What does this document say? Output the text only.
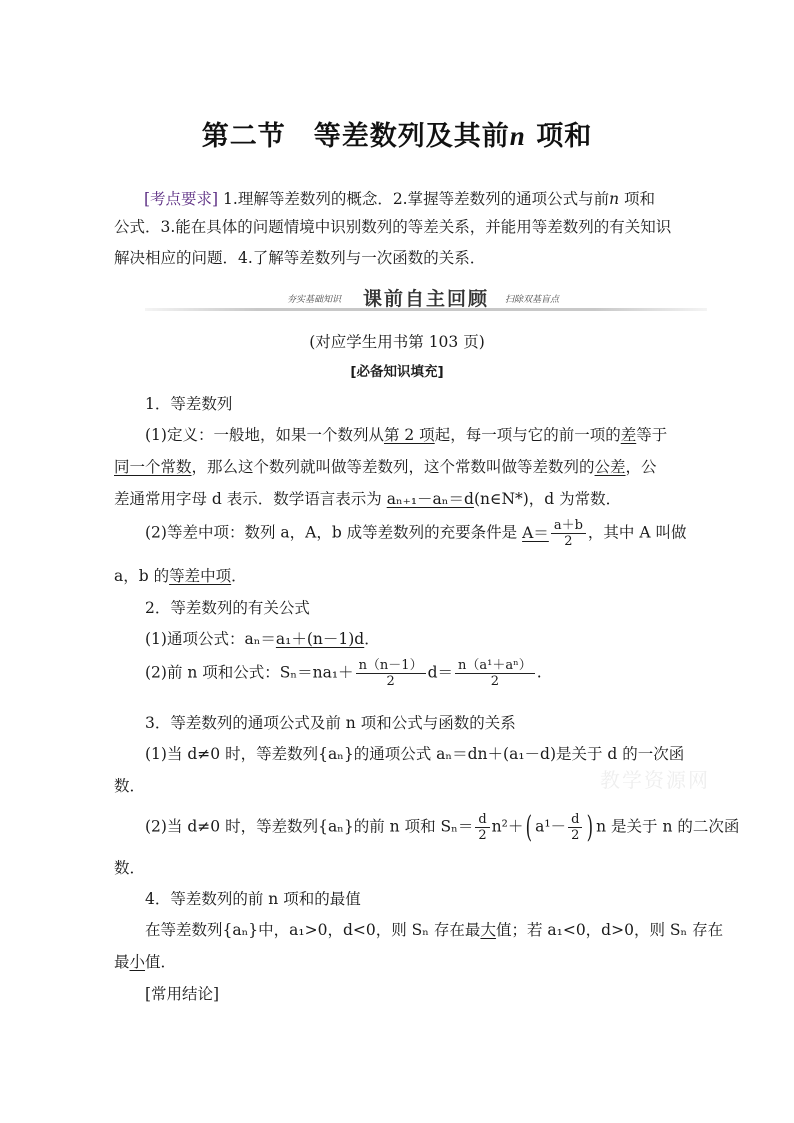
第二节 等差数列及其前n 项和
[考点要求] 1.理解等差数列的概念．2.掌握等差数列的通项公式与前n 项和
公式．3.能在具体的问题情境中识别数列的等差关系，并能用等差数列的有关知识
解决相应的问题．4.了解等差数列与一次函数的关系．
夯实基础知识	课前自主回顾	扫除双基盲点
(对应学生用书第 103 页)
[必备知识填充]
1．等差数列
(1)定义：一般地，如果一个数列从第 2 项起，每一项与它的前一项的差等于
同一个常数，那么这个数列就叫做等差数列，这个常数叫做等差数列的公差，公
差通常用字母 d 表示．数学语言表示为 aₙ₊₁－aₙ＝d(n∈N*)，d 为常数．
(2)等差中项：数列 a，A，b 成等差数列的充要条件是 $A= \frac{a+b}{2}$ ，其中 A 叫做
a，b 的等差中项．
2．等差数列的有关公式
(1)通项公式：aₙ＝a₁＋(n－1)d．
(2)前 n 项和公式：$S_n=na_1+ \frac{n(n-1)}{2} d= \frac{\text{n（a¹＋aⁿ）}}{2}$ .
3．等差数列的通项公式及前 n 项和公式与函数的关系
(1)当 d≠0 时，等差数列{aₙ}的通项公式 aₙ＝dn＋(a₁－d)是关于 d 的一次函
数．
(2)当 d≠0 时，等差数列{aₙ}的前 n 项和 $S_n= \frac{d}{2} n^2+$( $a^1- \frac{d}{2}$ ) n 是关于 n 的二次函
数．
4．等差数列的前 n 项和的最值
在等差数列{aₙ}中，a₁>0，d<0，则 Sₙ 存在最大值；若 a₁<0，d>0，则 Sₙ 存在
最小值．
[常用结论]
教学资源网
